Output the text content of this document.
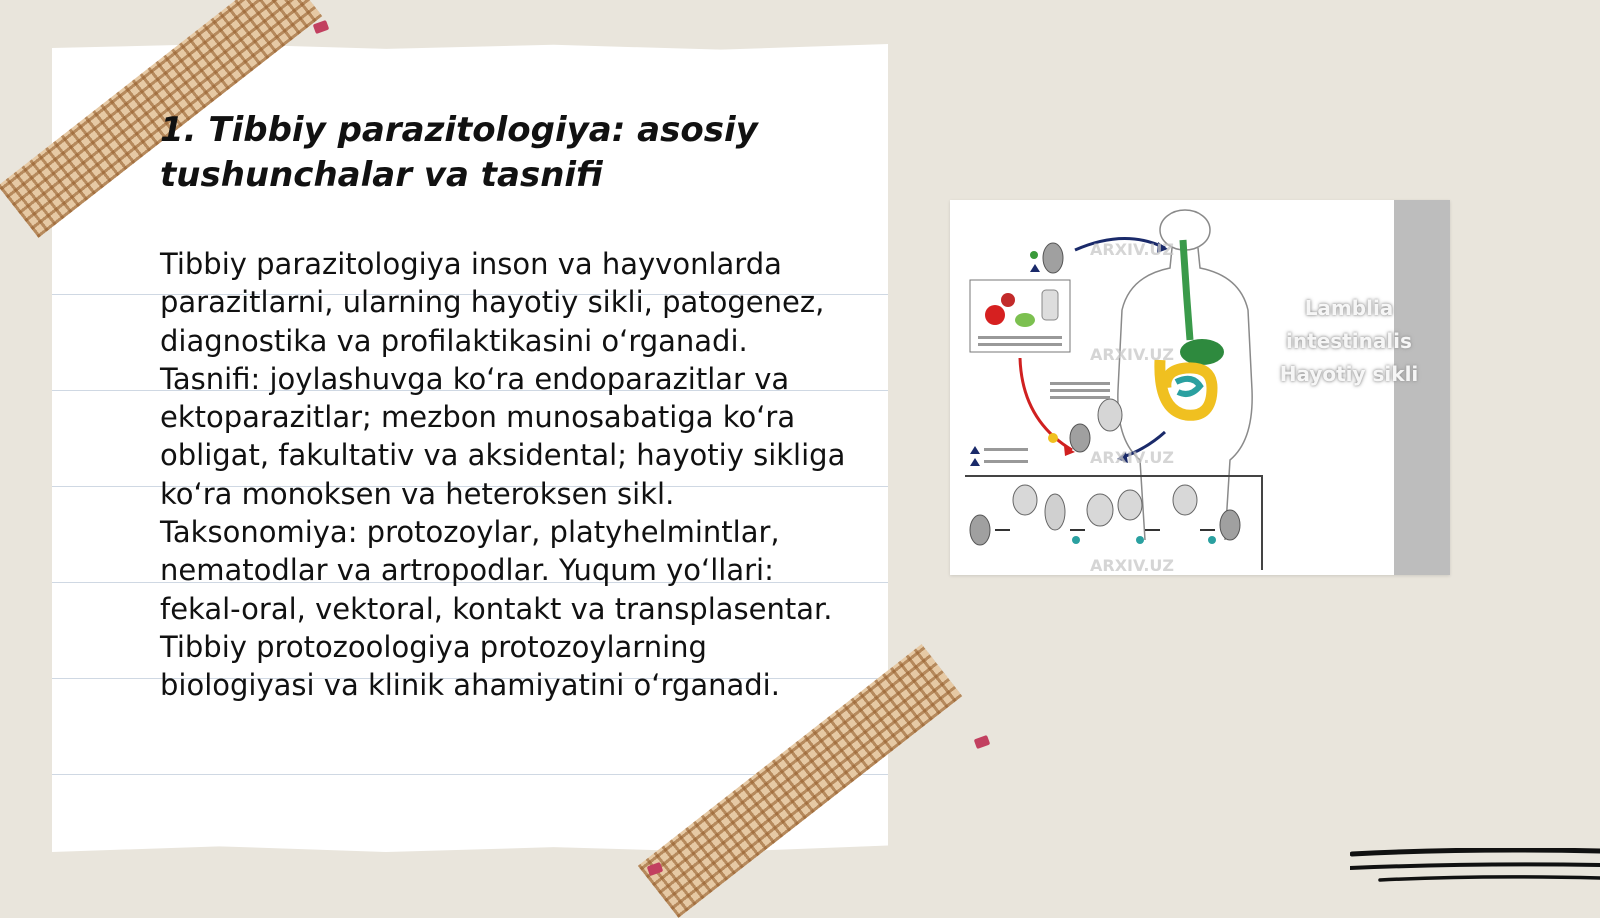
1. Tibbiy parazitologiya: asosiy tushunchalar va tasnifi

Tibbiy parazitologiya inson va hayvonlarda parazitlarni, ularning hayotiy sikli, patogenez, diagnostika va profilaktikasini oʻrganadi. Tasnifi: joylashuvga koʻra endoparazitlar va ektoparazitlar; mezbon munosabatiga koʻra obligat, fakultativ va aksidental; hayotiy sikliga koʻra monoksen va heteroksen sikl. Taksonomiya: protozoylar, platyhelmintlar, nematodlar va artropodlar. Yuqum yoʻllari: fekal-oral, vektoral, kontakt va transplasentar. Tibbiy protozoologiya protozoylarning biologiyasi va klinik ahamiyatini oʻrganadi.

ARXIV.UZ
ARXIV.UZ
ARXIV.UZ
ARXIV.UZ
Lamblia intestinalis Hayotiy sikli
